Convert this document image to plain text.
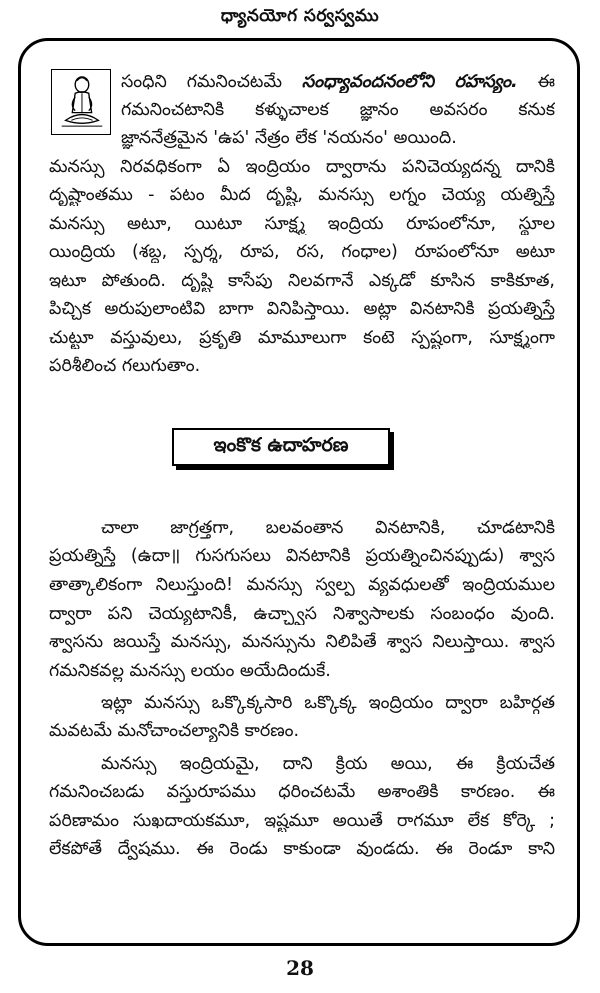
ధ్యానయోగ సర్వస్వము
సంధిని గమనించటమే సంధ్యావందనంలోని రహస్యం. ఈ
గమనించటానికి కళ్ళుచాలక జ్ఞానం అవసరం కనుక
జ్ఞాననేత్రమైన 'ఉప' నేత్రం లేక 'నయనం' అయింది.
మనస్సు నిరవధికంగా ఏ ఇంద్రియం ద్వారాను పనిచెయ్యదన్న దానికి
దృష్టాంతము - పటం మీద దృష్టి, మనస్సు లగ్నం చెయ్య యత్నిస్తే
మనస్సు అటూ, యిటూ సూక్ష్మ ఇంద్రియ రూపంలోనూ, స్థూల
యింద్రియ (శబ్ద, స్పర్శ, రూప, రస, గంధాల) రూపంలోనూ అటూ
ఇటూ పోతుంది. దృష్టి కాసేపు నిలవగానే ఎక్కడో కూసిన కాకికూత,
పిచ్చిక అరుపులాంటివి బాగా వినిపిస్తాయి. అట్లా వినటానికి ప్రయత్నిస్తే
చుట్టూ వస్తువులు, ప్రకృతి మామూలుగా కంటె స్పష్టంగా, సూక్ష్మంగా
పరిశీలించ గలుగుతాం.
చాలా జాగ్రత్తగా, బలవంతాన వినటానికి, చూడటానికి
ప్రయత్నిస్తే (ఉదా॥ గుసగుసలు వినటానికి ప్రయత్నించినప్పుడు) శ్వాస
తాత్కాలికంగా నిలుస్తుంది! మనస్సు స్వల్ప వ్యవధులతో ఇంద్రియముల
ద్వారా పని చెయ్యటానికీ, ఉచ్ఛ్వాస నిశ్వాసాలకు సంబంధం వుంది.
శ్వాసను జయిస్తే మనస్సు, మనస్సును నిలిపితే శ్వాస నిలుస్తాయి. శ్వాస
గమనికవల్ల మనస్సు లయం అయేదిందుకే.
ఇట్లా మనస్సు ఒక్కొక్కసారి ఒక్కొక్క ఇంద్రియం ద్వారా బహిర్గత
మవటమే మనోచాంచల్యానికి కారణం.
మనస్సు ఇంద్రియమై, దాని క్రియ అయి, ఈ క్రియచేత
గమనించబడు వస్తురూపము ధరించటమే అశాంతికి కారణం. ఈ
పరిణామం సుఖదాయకమూ, ఇష్టమూ అయితే రాగమూ లేక కోర్కె ;
లేకపోతే ద్వేషము. ఈ రెండు కాకుండా వుండదు. ఈ రెండూ కాని
ఇంకొక ఉదాహరణ
28
